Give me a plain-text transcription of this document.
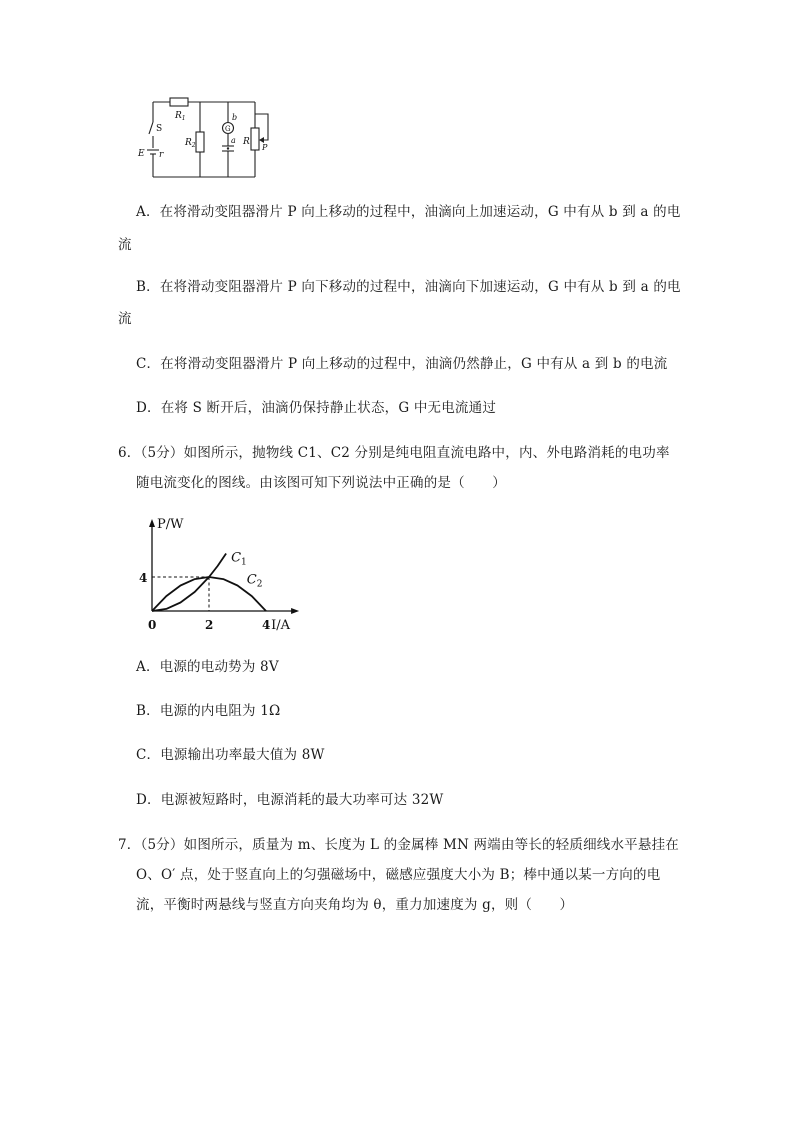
$R_1$
$R_2$
S
E r
G
b
a R
P
A．在将滑动变阻器滑片 P 向上移动的过程中，油滴向上加速运动，G 中有从 b 到 a 的电
流
B．在将滑动变阻器滑片 P 向下移动的过程中，油滴向下加速运动，G 中有从 b 到 a 的电
流
C．在将滑动变阻器滑片 P 向上移动的过程中，油滴仍然静止，G 中有从 a 到 b 的电流
D．在将 S 断开后，油滴仍保持静止状态，G 中无电流通过
6．（5分）如图所示，抛物线 C1、C2 分别是纯电阻直流电路中，内、外电路消耗的电功率
随电流变化的图线。由该图可知下列说法中正确的是（　　）
P/W
I/A
0	2	4
4
$C_1$
$C_2$
A．电源的电动势为 8V
B．电源的内电阻为 1Ω
C．电源输出功率最大值为 8W
D．电源被短路时，电源消耗的最大功率可达 32W
7．（5分）如图所示，质量为 m、长度为 L 的金属棒 MN 两端由等长的轻质细线水平悬挂在
O、O′ 点，处于竖直向上的匀强磁场中，磁感应强度大小为 B；棒中通以某一方向的电
流，平衡时两悬线与竖直方向夹角均为 θ，重力加速度为 g，则（　　）
